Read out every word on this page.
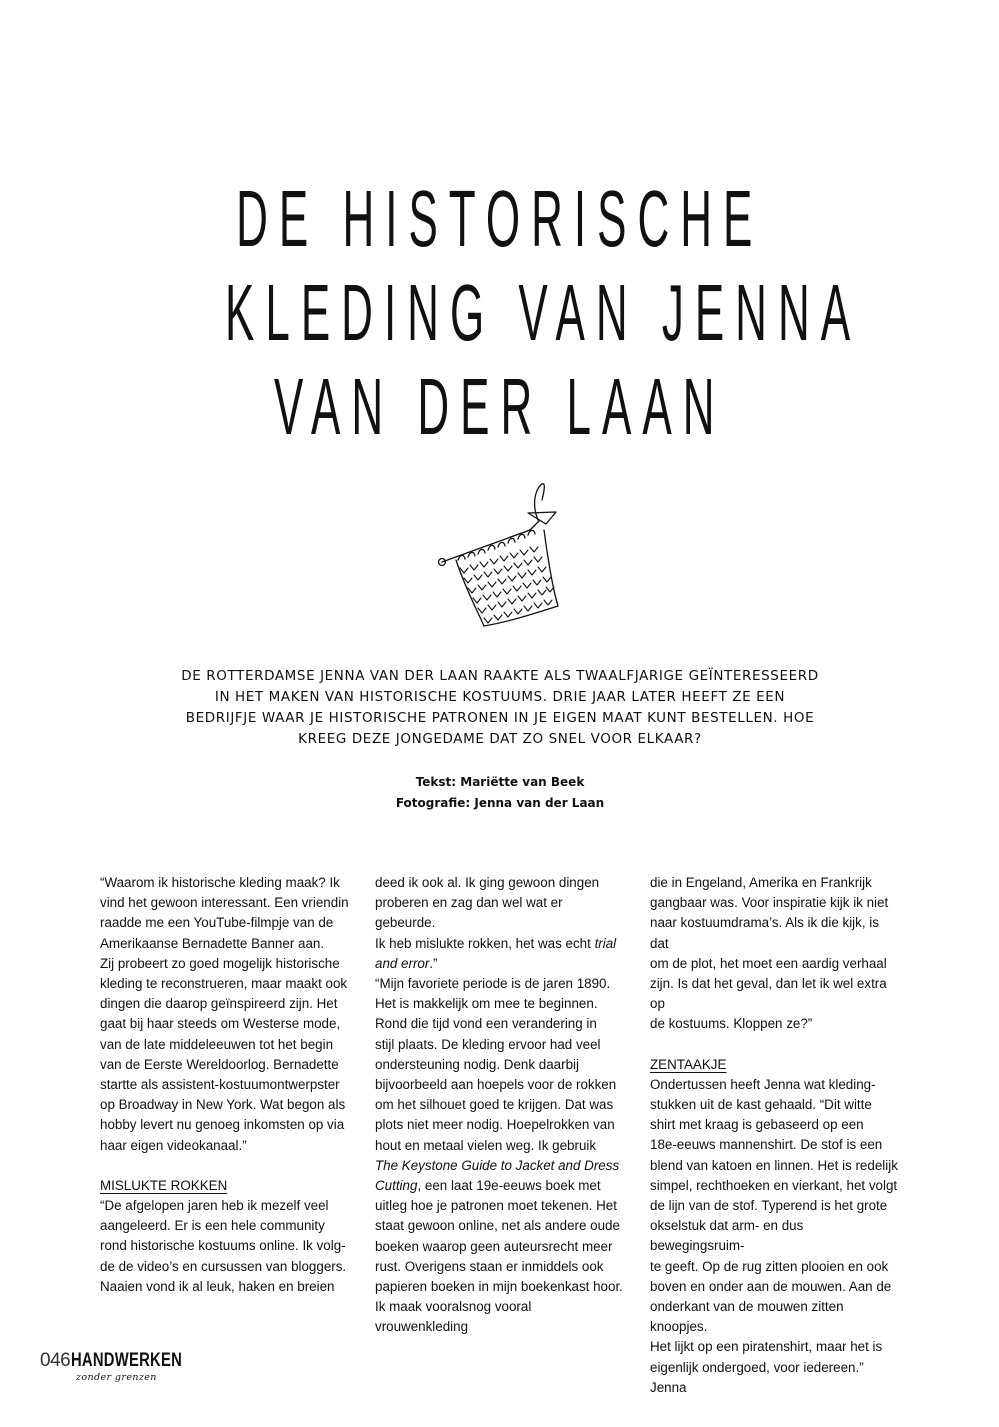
DE HISTORISCHE
KLEDING VAN JENNA
VAN DER LAAN
DE ROTTERDAMSE JENNA VAN DER LAAN RAAKTE ALS TWAALFJARIGE GEÏNTERESSEERD
IN HET MAKEN VAN HISTORISCHE KOSTUUMS. DRIE JAAR LATER HEEFT ZE EEN
BEDRIJFJE WAAR JE HISTORISCHE PATRONEN IN JE EIGEN MAAT KUNT BESTELLEN. HOE
KREEG DEZE JONGEDAME DAT ZO SNEL VOOR ELKAAR?
Tekst: Mariëtte van Beek
Fotografie: Jenna van der Laan

“Waarom ik historische kleding maak? Ik

vind het gewoon interessant. Een vriendin

raadde me een YouTube-filmpje van de

Amerikaanse Bernadette Banner aan.

Zij probeert zo goed mogelijk historische

kleding te reconstrueren, maar maakt ook

dingen die daarop geïnspireerd zijn. Het

gaat bij haar steeds om Westerse mode,

van de late middeleeuwen tot het begin

van de Eerste Wereldoorlog. Bernadette

startte als assistent-kostuumontwerpster

op Broadway in New York. Wat begon als

hobby levert nu genoeg inkomsten op via

haar eigen videokanaal.”

MISLUKTE ROKKEN

“De afgelopen jaren heb ik mezelf veel

aangeleerd. Er is een hele community

rond historische kostuums online. Ik volg-

de de video’s en cursussen van bloggers.

Naaien vond ik al leuk, haken en breien

deed ik ook al. Ik ging gewoon dingen

proberen en zag dan wel wat er gebeurde.

Ik heb mislukte rokken, het was echt trial

and error.”

“Mijn favoriete periode is de jaren 1890.

Het is makkelijk om mee te beginnen.

Rond die tijd vond een verandering in

stijl plaats. De kleding ervoor had veel

ondersteuning nodig. Denk daarbij

bijvoorbeeld aan hoepels voor de rokken

om het silhouet goed te krijgen. Dat was

plots niet meer nodig. Hoepelrokken van

hout en metaal vielen weg. Ik gebruik

The Keystone Guide to Jacket and Dress

Cutting, een laat 19e-eeuws boek met

uitleg hoe je patronen moet tekenen. Het

staat gewoon online, net als andere oude

boeken waarop geen auteursrecht meer

rust. Overigens staan er inmiddels ook

papieren boeken in mijn boekenkast hoor.

Ik maak vooralsnog vooral vrouwenkleding

die in Engeland, Amerika en Frankrijk

gangbaar was. Voor inspiratie kijk ik niet

naar kostuumdrama’s. Als ik die kijk, is dat

om de plot, het moet een aardig verhaal

zijn. Is dat het geval, dan let ik wel extra op

de kostuums. Kloppen ze?”

ZENTAAKJE

Ondertussen heeft Jenna wat kleding-

stukken uit de kast gehaald. “Dit witte

shirt met kraag is gebaseerd op een

18e-eeuws mannenshirt. De stof is een

blend van katoen en linnen. Het is redelijk

simpel, rechthoeken en vierkant, het volgt

de lijn van de stof. Typerend is het grote

okselstuk dat arm- en dus bewegingsruim-

te geeft. Op de rug zitten plooien en ook

boven en onder aan de mouwen. Aan de

onderkant van de mouwen zitten knoopjes.

Het lijkt op een piratenshirt, maar het is

eigenlijk ondergoed, voor iedereen.” Jenna

046HANDWERKEN
zonder grenzen
